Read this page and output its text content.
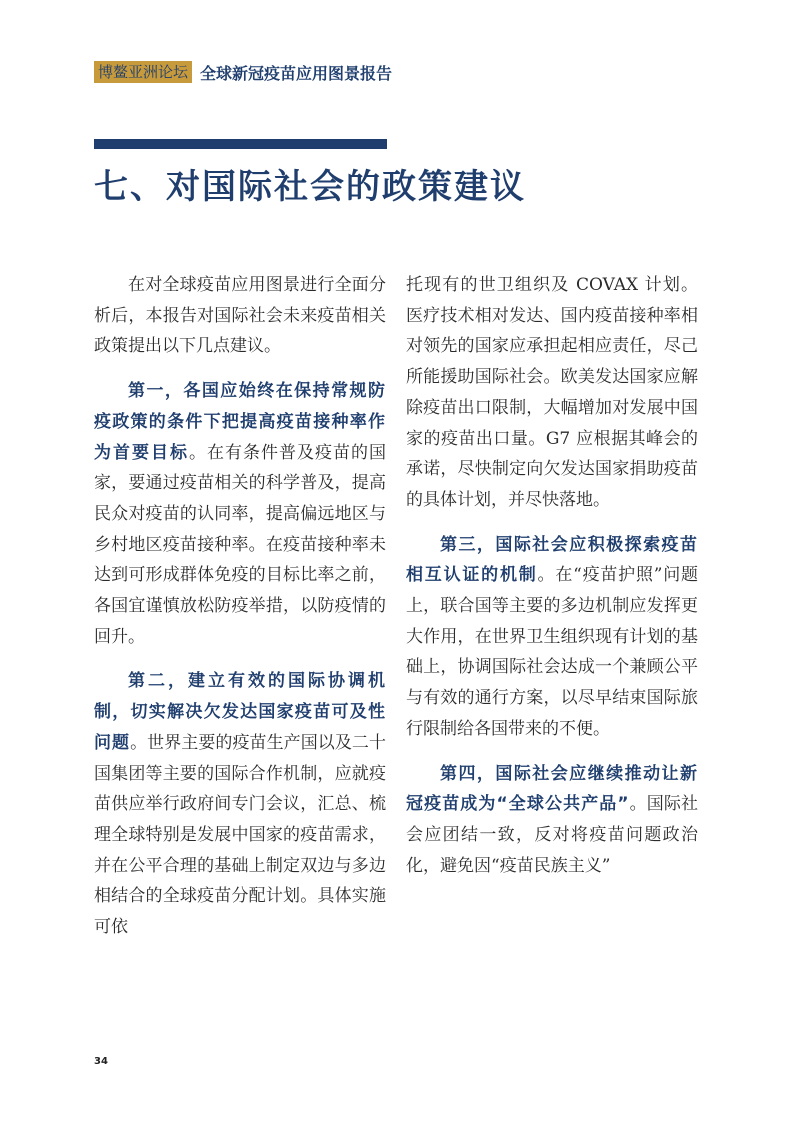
博鳌亚洲论坛 全球新冠疫苗应用图景报告
七、对国际社会的政策建议

在对全球疫苗应用图景进行全面分析后，本报告对国际社会未来疫苗相关政策提出以下几点建议。

第一，各国应始终在保持常规防疫政策的条件下把提高疫苗接种率作为首要目标。在有条件普及疫苗的国家，要通过疫苗相关的科学普及，提高民众对疫苗的认同率，提高偏远地区与乡村地区疫苗接种率。在疫苗接种率未达到可形成群体免疫的目标比率之前，各国宜谨慎放松防疫举措，以防疫情的回升。

第二，建立有效的国际协调机制，切实解决欠发达国家疫苗可及性问题。世界主要的疫苗生产国以及二十国集团等主要的国际合作机制，应就疫苗供应举行政府间专门会议，汇总、梳理全球特别是发展中国家的疫苗需求，并在公平合理的基础上制定双边与多边相结合的全球疫苗分配计划。具体实施可依

托现有的世卫组织及 COVAX 计划。医疗技术相对发达、国内疫苗接种率相对领先的国家应承担起相应责任，尽己所能援助国际社会。欧美发达国家应解除疫苗出口限制，大幅增加对发展中国家的疫苗出口量。G7 应根据其峰会的承诺，尽快制定向欠发达国家捐助疫苗的具体计划，并尽快落地。

第三，国际社会应积极探索疫苗相互认证的机制。在“疫苗护照”问题上，联合国等主要的多边机制应发挥更大作用，在世界卫生组织现有计划的基础上，协调国际社会达成一个兼顾公平与有效的通行方案，以尽早结束国际旅行限制给各国带来的不便。

第四，国际社会应继续推动让新冠疫苗成为“全球公共产品”。国际社会应团结一致，反对将疫苗问题政治化，避免因“疫苗民族主义”

34
